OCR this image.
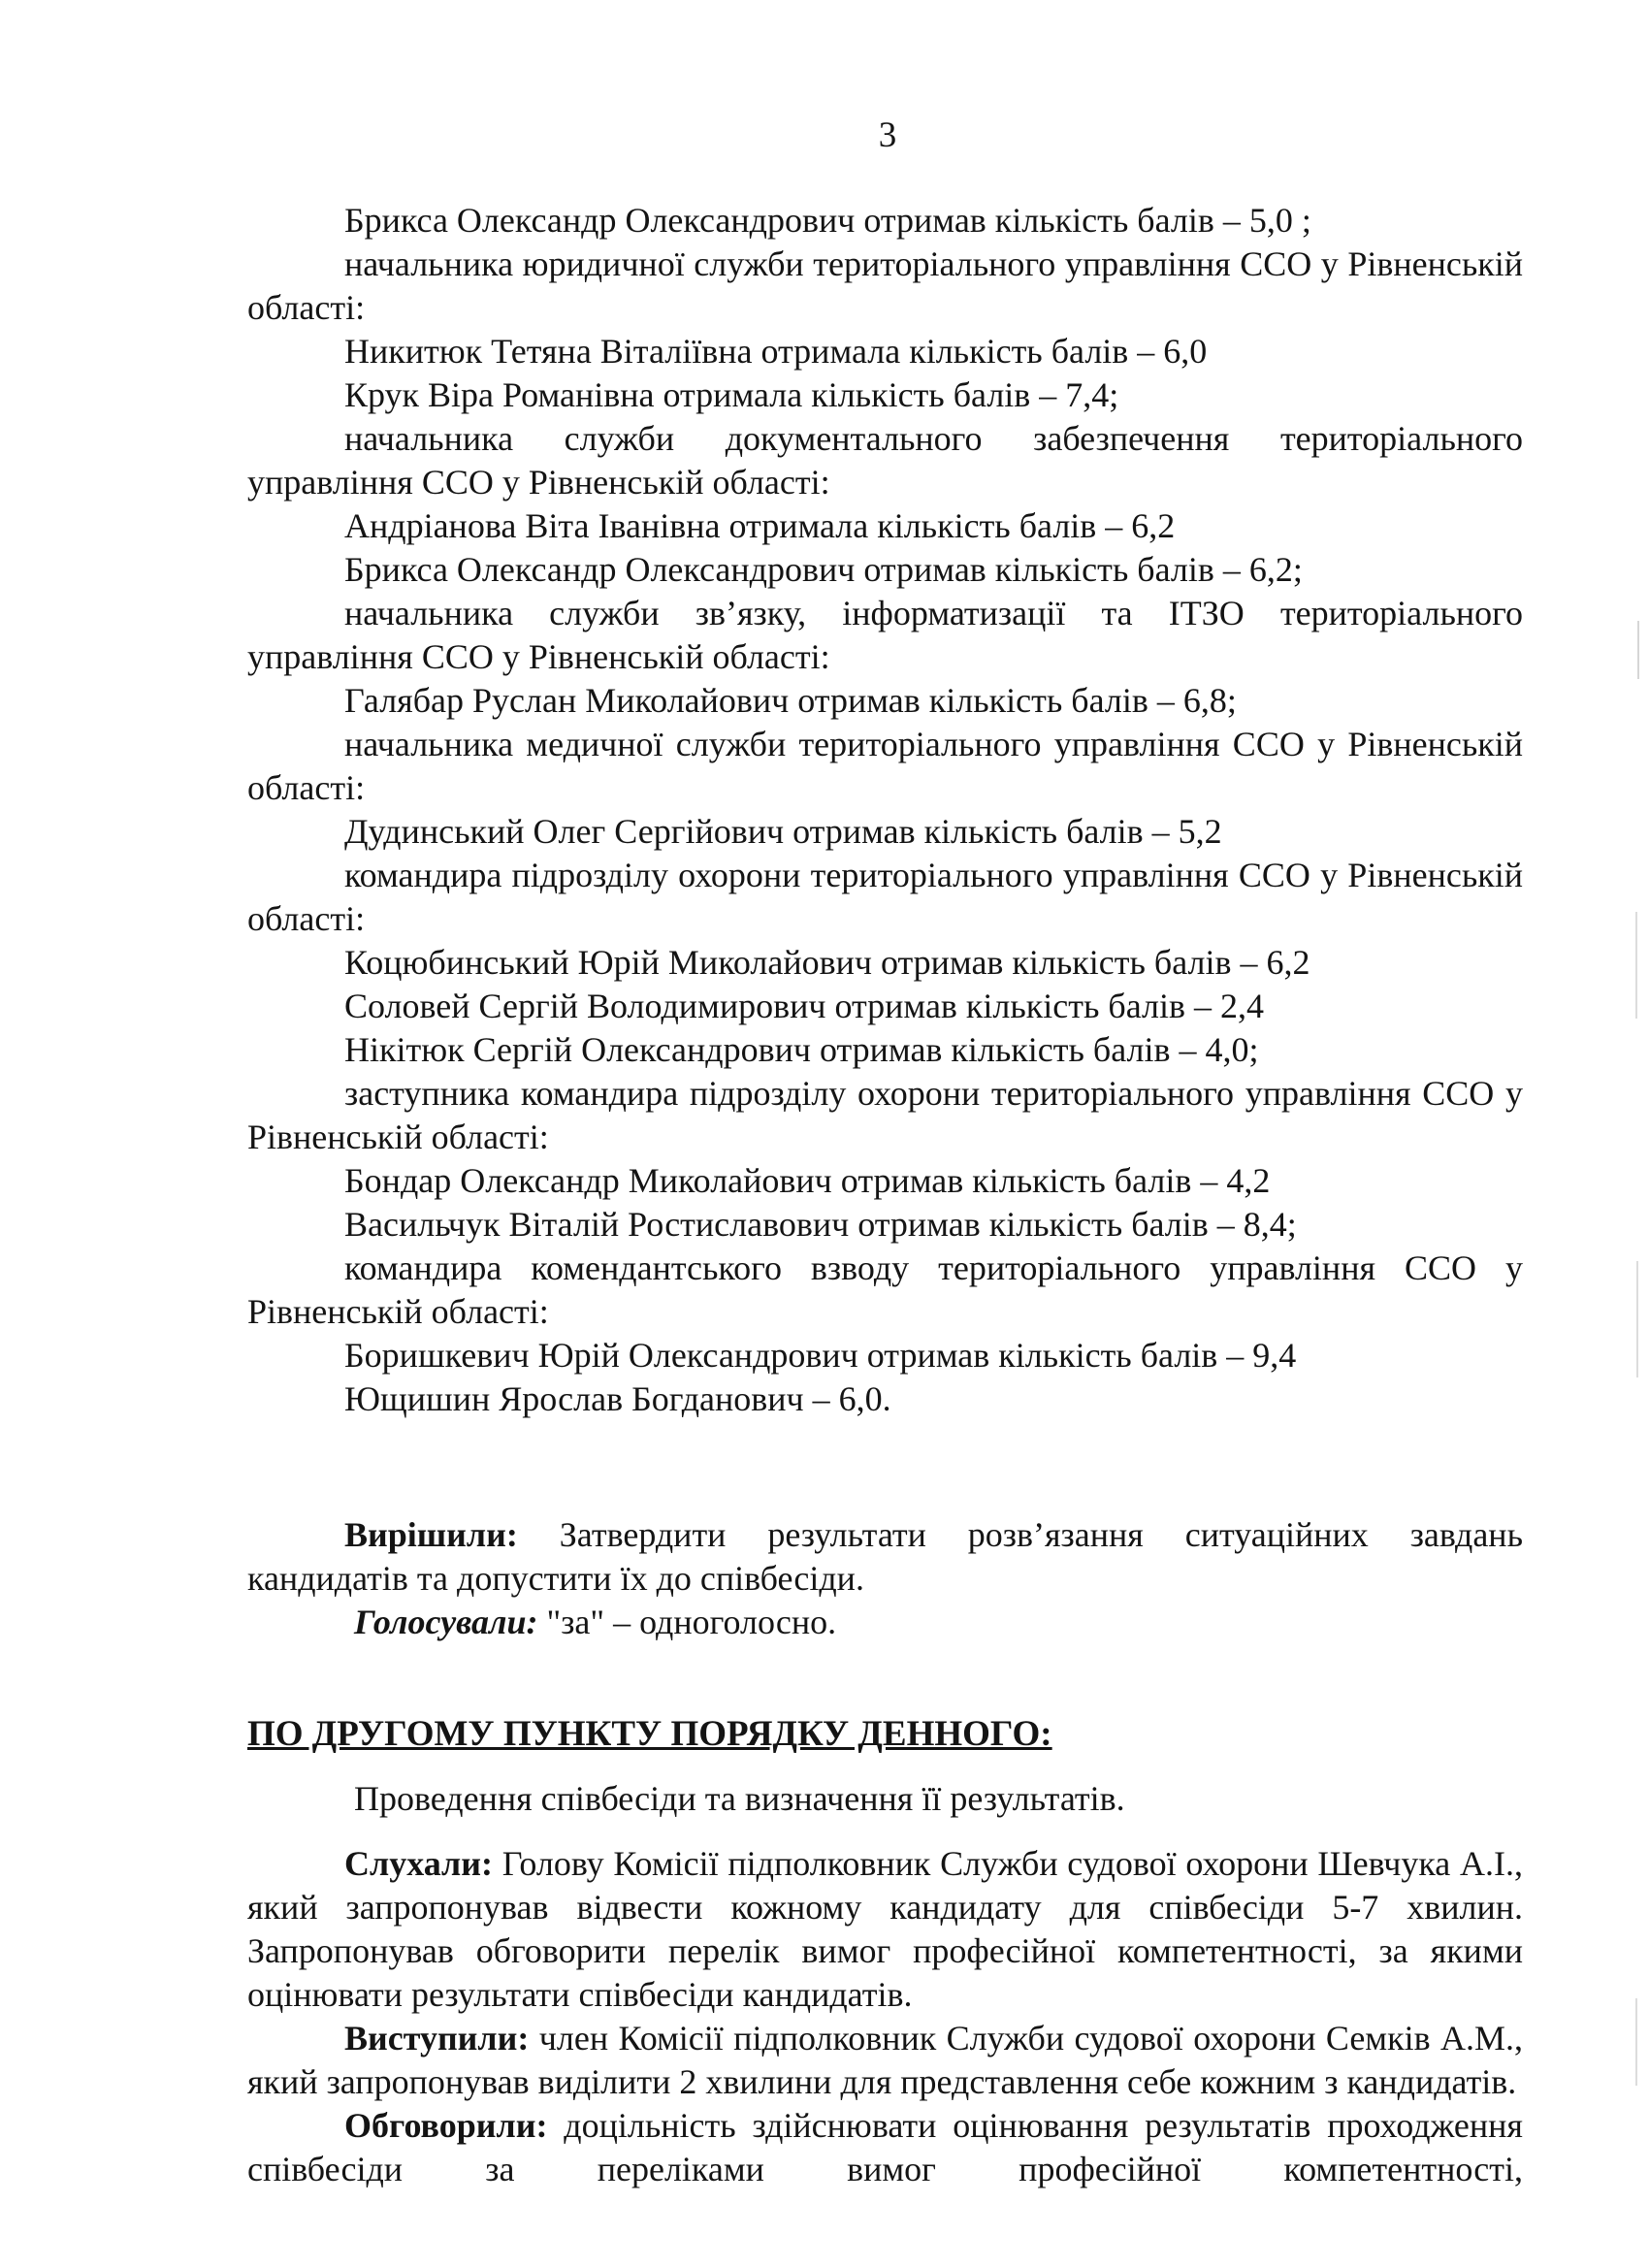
3

Брикса Олександр Олександрович отримав кількість балів – 5,0 ;

начальника юридичної служби територіального управління ССО у Рівненській області:

Никитюк Тетяна Віталіївна отримала кількість балів – 6,0

Крук Віра Романівна отримала кількість балів – 7,4;

начальника служби документального забезпечення територіального управління ССО у Рівненській області:

Андріанова Віта Іванівна отримала кількість балів – 6,2

Брикса Олександр Олександрович отримав кількість балів – 6,2;

начальника служби зв’язку, інформатизації та ІТЗО територіального управління ССО у Рівненській області:

Галябар Руслан Миколайович отримав кількість балів – 6,8;

начальника медичної служби територіального управління ССО у Рівненській області:

Дудинський Олег Сергійович отримав кількість балів – 5,2

командира підрозділу охорони територіального управління ССО у Рівненській області:

Коцюбинський Юрій Миколайович отримав кількість балів – 6,2

Соловей Сергій Володимирович отримав кількість балів – 2,4

Нікітюк Сергій Олександрович отримав кількість балів – 4,0;

заступника командира підрозділу охорони територіального управління ССО у Рівненській області:

Бондар Олександр Миколайович отримав кількість балів – 4,2

Васильчук Віталій Ростиславович отримав кількість балів – 8,4;

командира комендантського взводу територіального управління ССО у Рівненській області:

Боришкевич Юрій Олександрович отримав кількість балів – 9,4

Ющишин Ярослав Богданович – 6,0.

Вирішили: Затвердити результати розв’язання ситуаційних завдань кандидатів та допустити їх до співбесіди.

Голосували: "за" – одноголосно.

ПО ДРУГОМУ ПУНКТУ ПОРЯДКУ ДЕННОГО:

Проведення співбесіди та визначення її результатів.

Слухали: Голову Комісії підполковник Служби судової охорони Шевчука А.І., який запропонував відвести кожному кандидату для співбесіди 5-7 хвилин. Запропонував обговорити перелік вимог професійної компетентності, за якими оцінювати результати співбесіди кандидатів.

Виступили: член Комісії підполковник Служби судової охорони Семків А.М., який запропонував виділити 2 хвилини для представлення себе кожним з кандидатів.

Обговорили: доцільність здійснювати оцінювання результатів проходження співбесіди за переліками вимог професійної компетентності,
